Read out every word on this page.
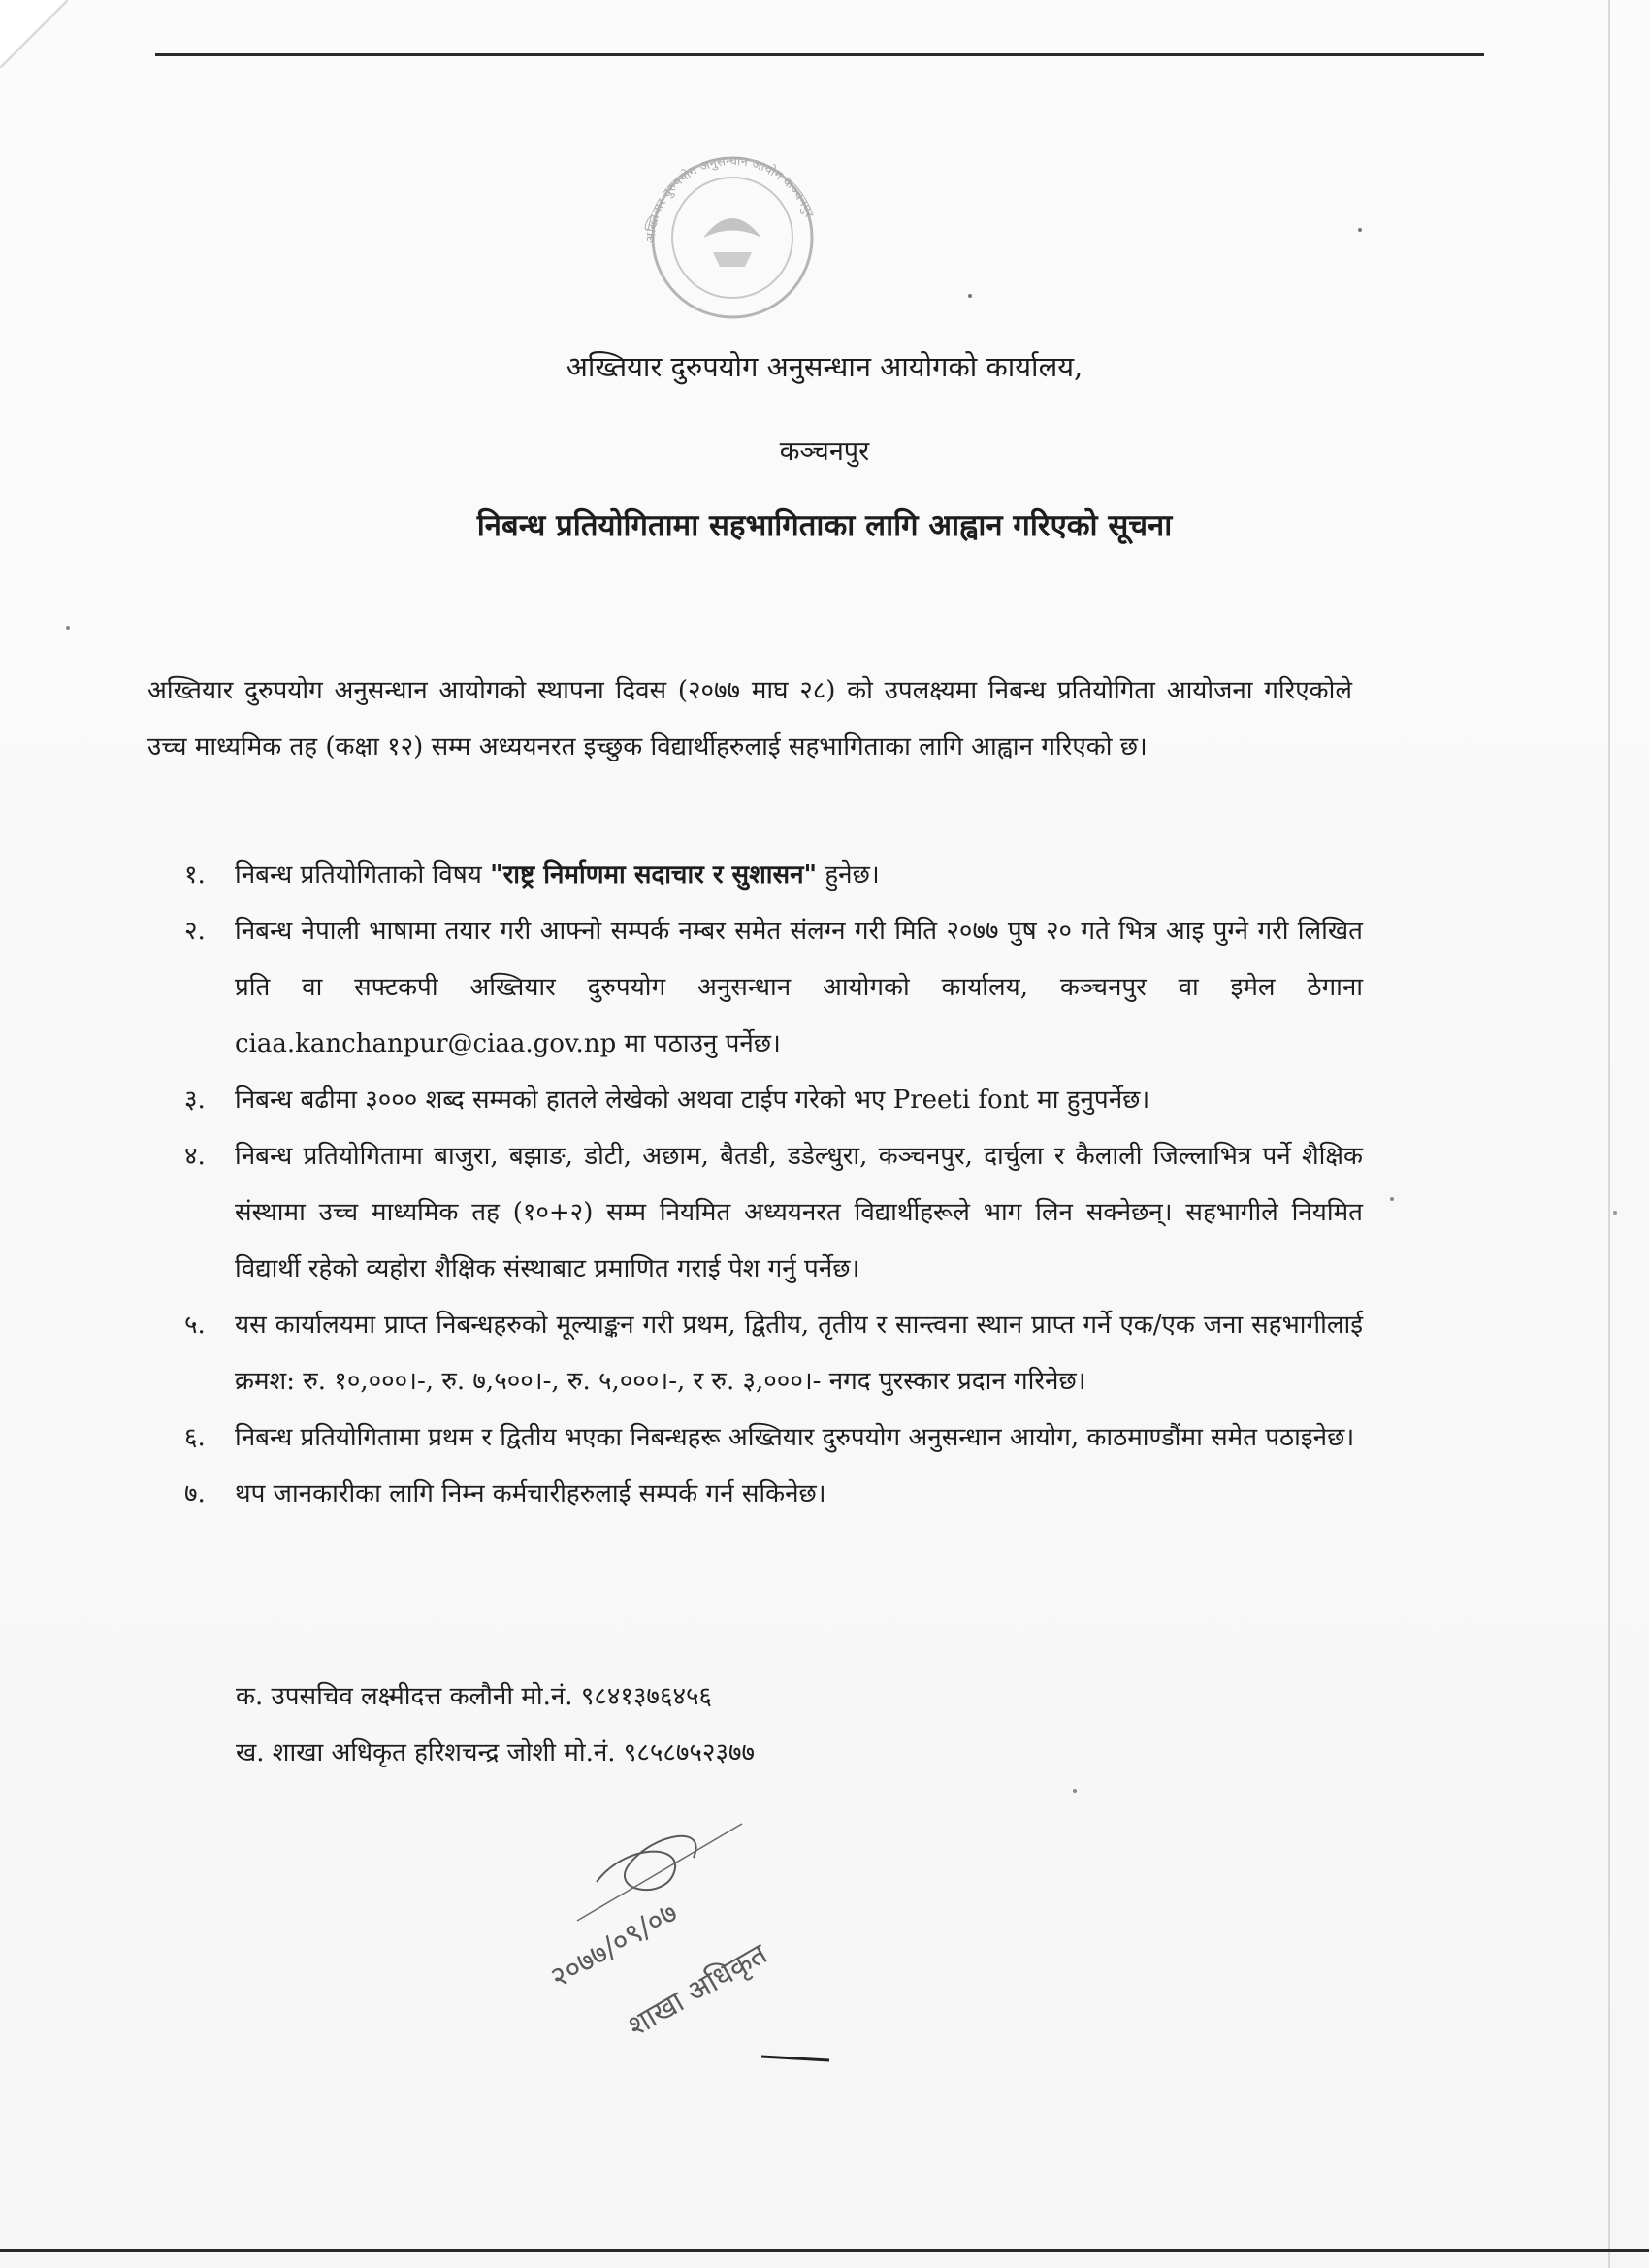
अख्तियार दुरुपयोग अनुसन्धान आयोग कञ्चनपुर
अख्तियार दुरुपयोग अनुसन्धान आयोगको कार्यालय,
कञ्चनपुर
निबन्ध प्रतियोगितामा सहभागिताका लागि आह्वान गरिएको सूचना
अख्तियार दुरुपयोग अनुसन्धान आयोगको स्थापना दिवस (२०७७ माघ २८) को उपलक्ष्यमा निबन्ध प्रतियोगिता आयोजना गरिएकोले उच्च माध्यमिक तह (कक्षा १२) सम्म अध्ययनरत इच्छुक विद्यार्थीहरुलाई सहभागिताका लागि आह्वान गरिएको छ।
१. निबन्ध प्रतियोगिताको विषय "राष्ट्र निर्माणमा सदाचार र सुशासन" हुनेछ।
२. निबन्ध नेपाली भाषामा तयार गरी आफ्नो सम्पर्क नम्बर समेत संलग्न गरी मिति २०७७ पुष २० गते भित्र आइ पुग्ने गरी लिखित प्रति वा सफ्टकपी अख्तियार दुरुपयोग अनुसन्धान आयोगको कार्यालय, कञ्चनपुर वा इमेल ठेगाना ciaa.kanchanpur@ciaa.gov.np मा पठाउनु पर्नेछ।
३. निबन्ध बढीमा ३००० शब्द सम्मको हातले लेखेको अथवा टाईप गरेको भए Preeti font मा हुनुपर्नेछ।
४. निबन्ध प्रतियोगितामा बाजुरा, बझाङ, डोटी, अछाम, बैतडी, डडेल्धुरा, कञ्चनपुर, दार्चुला र कैलाली जिल्लाभित्र पर्ने शैक्षिक संस्थामा उच्च माध्यमिक तह (१०+२) सम्म नियमित अध्ययनरत विद्यार्थीहरूले भाग लिन सक्नेछन्। सहभागीले नियमित विद्यार्थी रहेको व्यहोरा शैक्षिक संस्थाबाट प्रमाणित गराई पेश गर्नु पर्नेछ।
५. यस कार्यालयमा प्राप्त निबन्धहरुको मूल्याङ्कन गरी प्रथम, द्वितीय, तृतीय र सान्त्वना स्थान प्राप्त गर्ने एक/एक जना सहभागीलाई क्रमश: रु. १०,०००।-, रु. ७,५००।-, रु. ५,०००।-, र रु. ३,०००।- नगद पुरस्कार प्रदान गरिनेछ।
६. निबन्ध प्रतियोगितामा प्रथम र द्वितीय भएका निबन्धहरू अख्तियार दुरुपयोग अनुसन्धान आयोग, काठमाण्डौंमा समेत पठाइनेछ।
७. थप जानकारीका लागि निम्न कर्मचारीहरुलाई सम्पर्क गर्न सकिनेछ।
क. उपसचिव लक्ष्मीदत्त कलौनी मो.नं. ९८४१३७६४५६
ख. शाखा अधिकृत हरिशचन्द्र जोशी मो.नं. ९८५८७५२३७७
२०७७/०९/०७
शाखा अधिकृत
